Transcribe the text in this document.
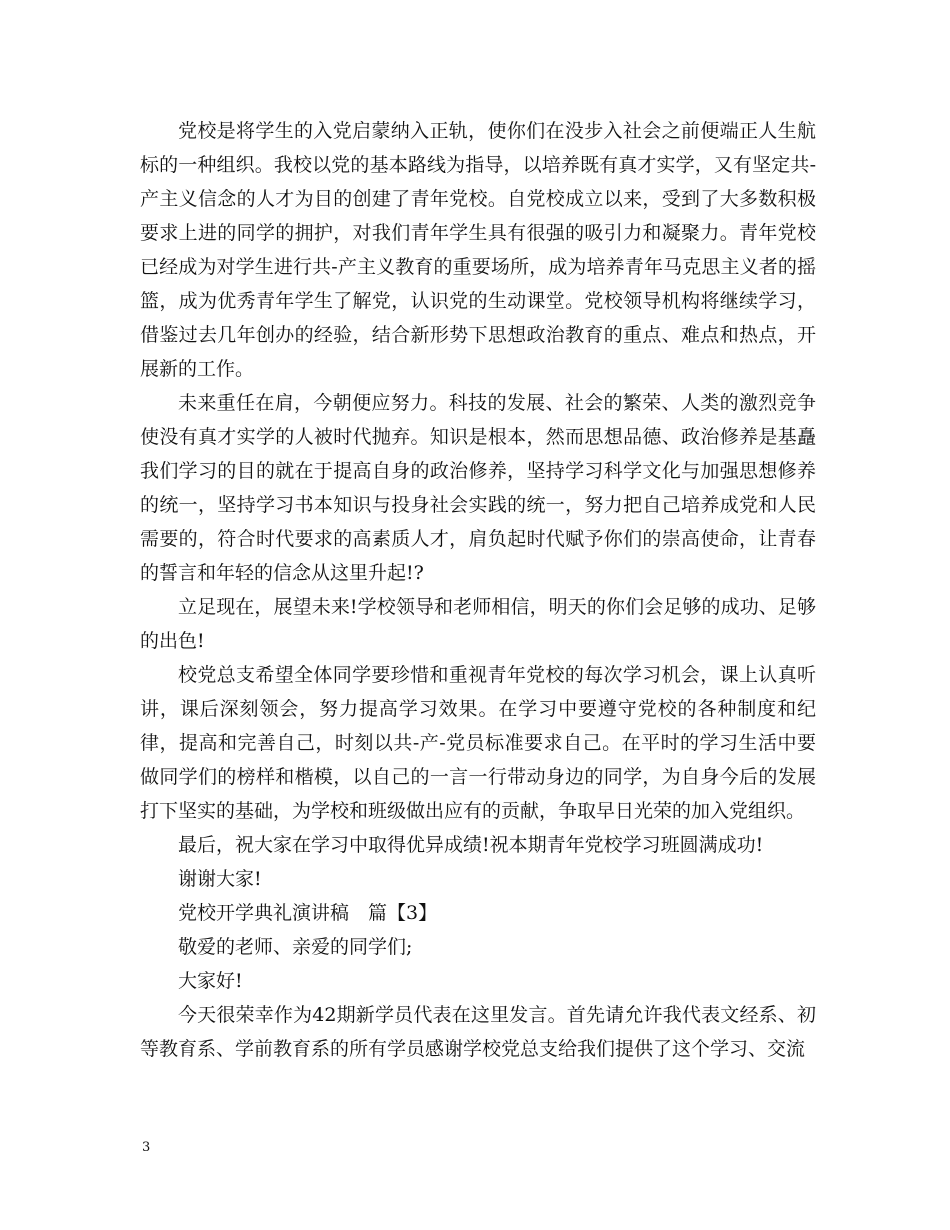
党校是将学生的入党启蒙纳入正轨，使你们在没步入社会之前便端正人生航标的一种组织。我校以党的基本路线为指导，以培养既有真才实学，又有坚定共-产主义信念的人才为目的创建了青年党校。自党校成立以来，受到了大多数积极要求上进的同学的拥护，对我们青年学生具有很强的吸引力和凝聚力。青年党校已经成为对学生进行共-产主义教育的重要场所，成为培养青年马克思主义者的摇篮，成为优秀青年学生了解党，认识党的生动课堂。党校领导机构将继续学习，借鉴过去几年创办的经验，结合新形势下思想政治教育的重点、难点和热点，开展新的工作。

未来重任在肩，今朝便应努力。科技的发展、社会的繁荣、人类的激烈竞争使没有真才实学的人被时代抛弃。知识是根本，然而思想品德、政治修养是基矗我们学习的目的就在于提高自身的政治修养，坚持学习科学文化与加强思想修养的统一，坚持学习书本知识与投身社会实践的统一，努力把自己培养成党和人民需要的，符合时代要求的高素质人才，肩负起时代赋予你们的崇高使命，让青春的誓言和年轻的信念从这里升起!?

立足现在，展望未来!学校领导和老师相信，明天的你们会足够的成功、足够的出色!

校党总支希望全体同学要珍惜和重视青年党校的每次学习机会，课上认真听讲，课后深刻领会，努力提高学习效果。在学习中要遵守党校的各种制度和纪律，提高和完善自己，时刻以共-产-党员标准要求自己。在平时的学习生活中要做同学们的榜样和楷模，以自己的一言一行带动身边的同学，为自身今后的发展打下坚实的基础，为学校和班级做出应有的贡献，争取早日光荣的加入党组织。

最后，祝大家在学习中取得优异成绩!祝本期青年党校学习班圆满成功!

谢谢大家!

党校开学典礼演讲稿　篇【3】

敬爱的老师、亲爱的同学们;

大家好!

今天很荣幸作为42期新学员代表在这里发言。首先请允许我代表文经系、初等教育系、学前教育系的所有学员感谢学校党总支给我们提供了这个学习、交流

3
